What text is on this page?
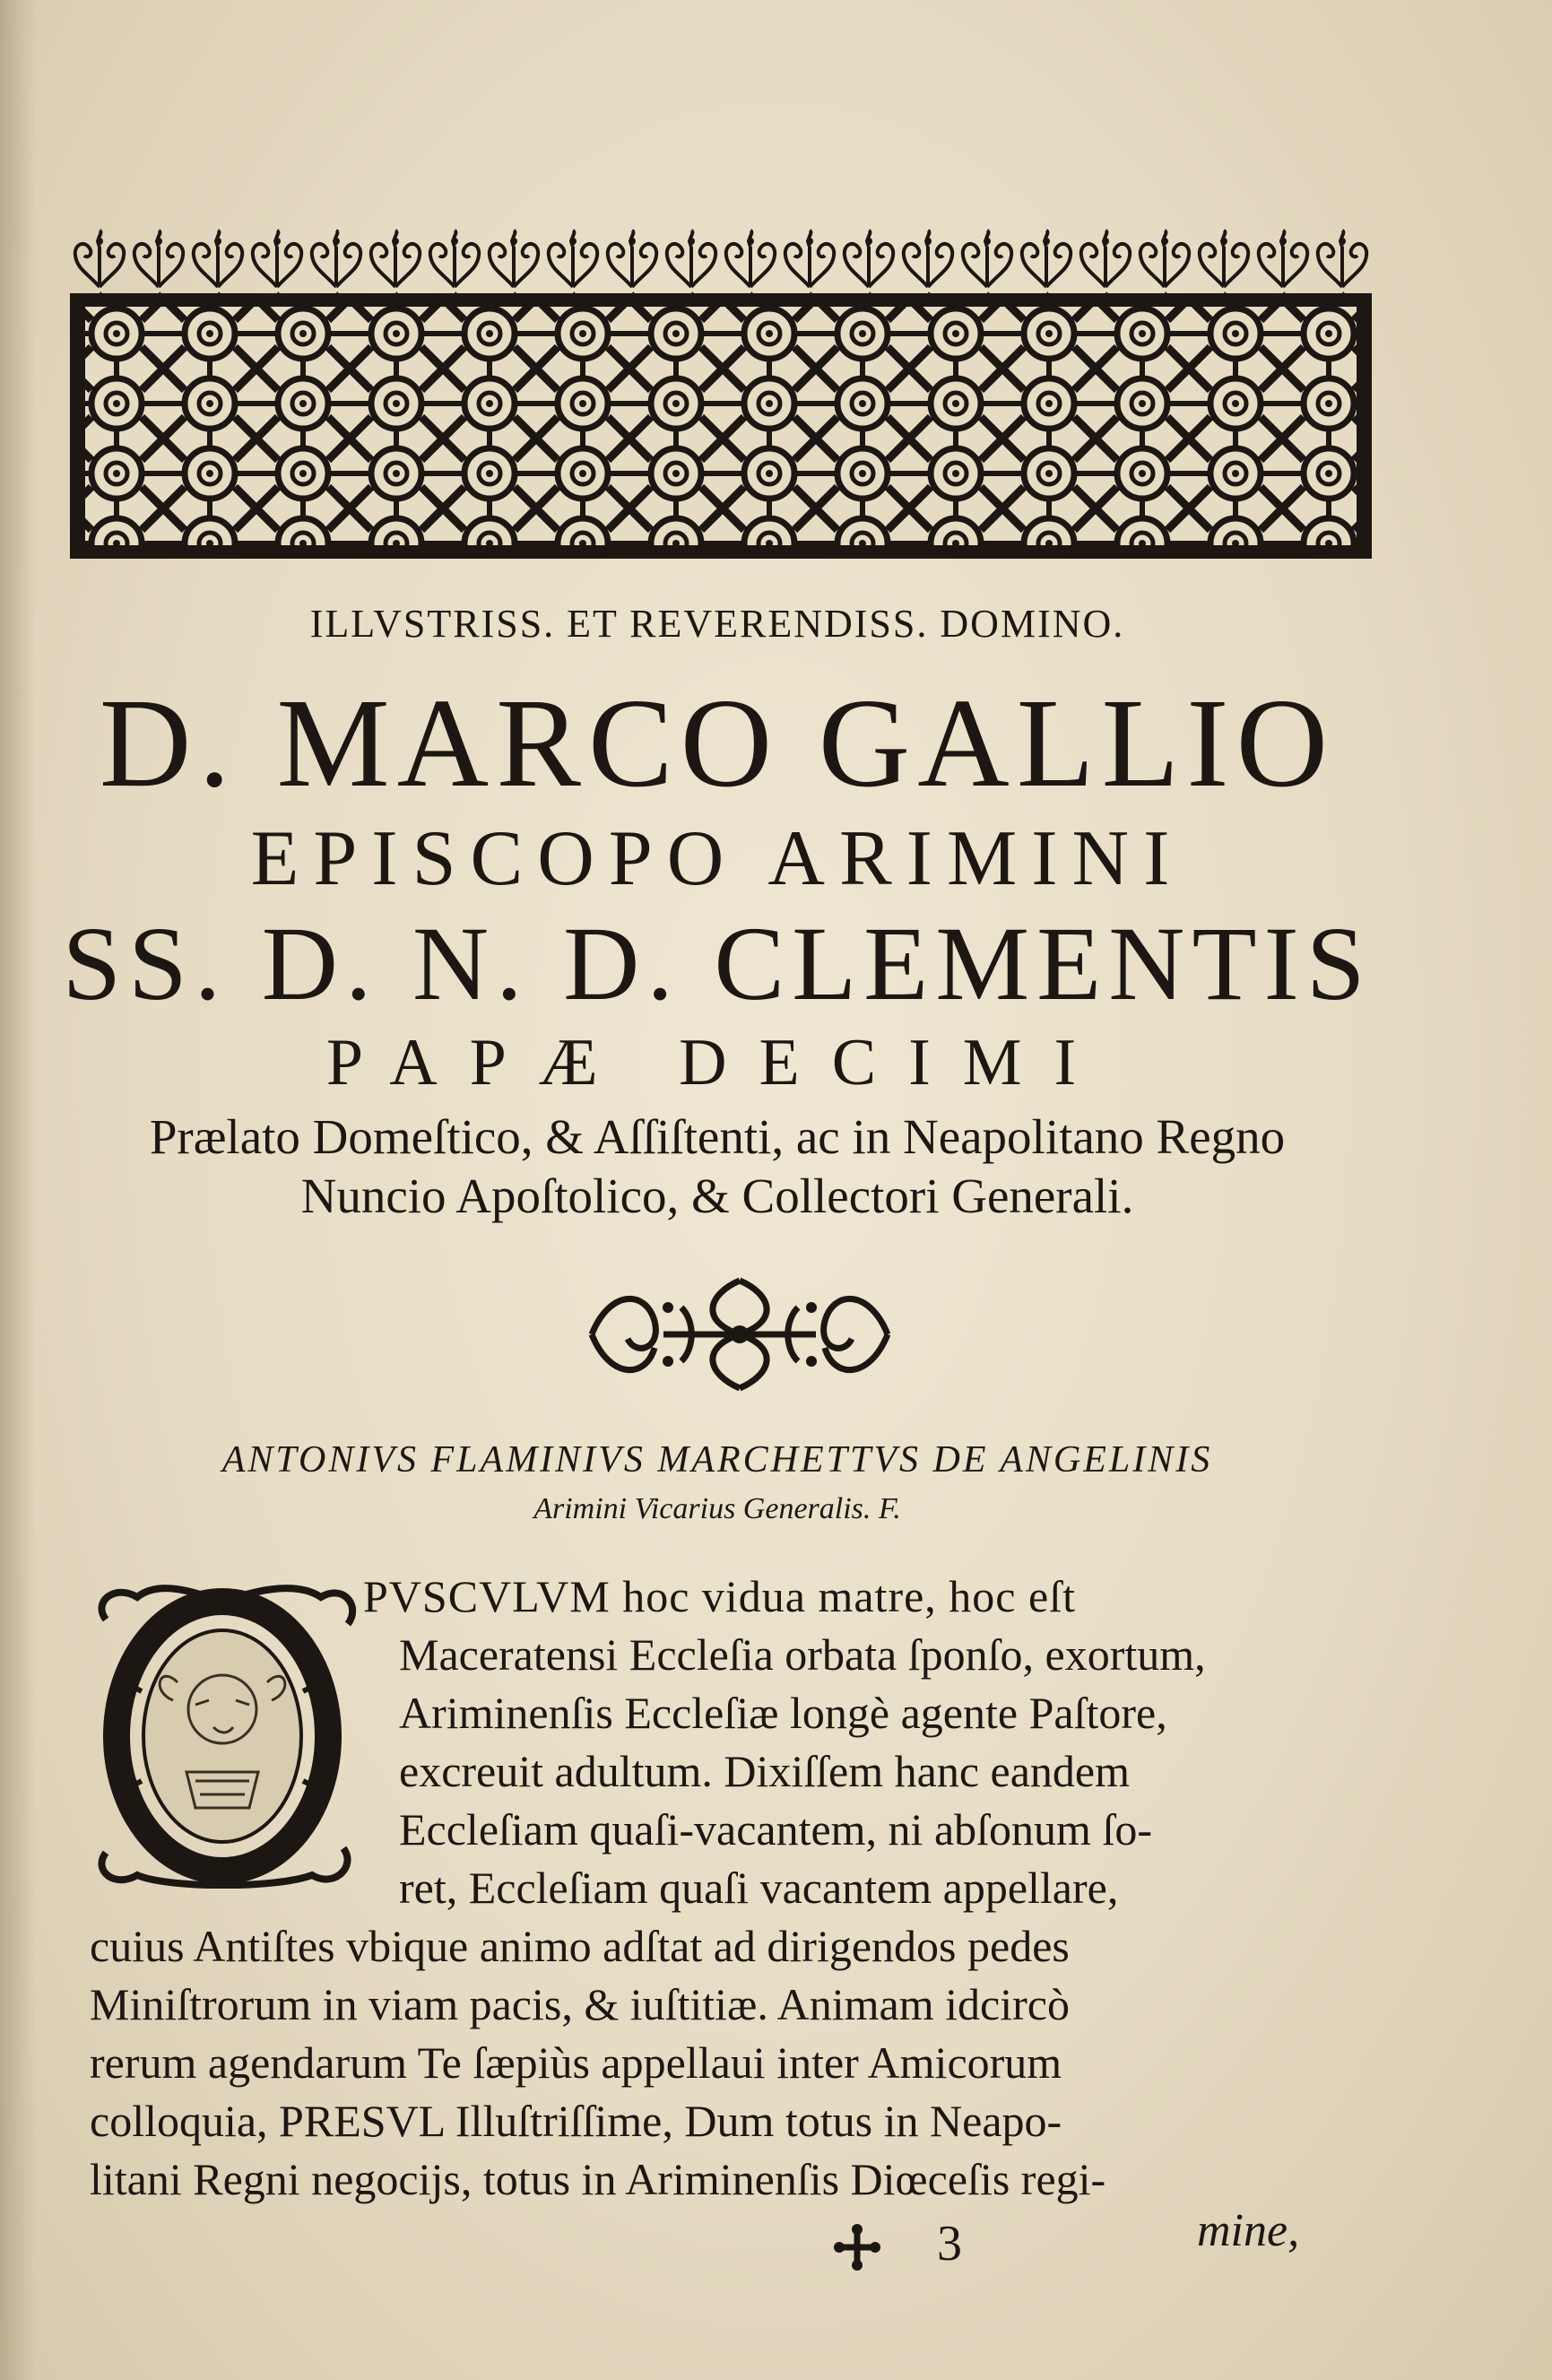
ILLVSTRISS. ET REVERENDISS. DOMINO.
D. MARCO GALLIO
EPISCOPO ARIMINI
SS. D. N. D. CLEMENTIS
PAPÆ DECIMI
Prælato Domeſtico, & Aſſiſtenti, ac in Neapolitano Regno
Nuncio Apoſtolico, & Collectori Generali.
ANTONIVS FLAMINIVS MARCHETTVS DE ANGELINIS
Arimini Vicarius Generalis. F.
PVSCVLVM hoc vidua matre, hoc eſt
Maceratensi Eccleſia orbata ſponſo, exortum,
Ariminenſis Eccleſiæ longè agente Paſtore,
excreuit adultum. Dixiſſem hanc eandem
Eccleſiam quaſi-vacantem, ni abſonum ſo-
ret, Eccleſiam quaſi vacantem appellare,
cuius Antiſtes vbique animo adſtat ad dirigendos pedes
Miniſtrorum in viam pacis, & iuſtitiæ. Animam idcircò
rerum agendarum Te ſæpiùs appellaui inter Amicorum
colloquia, PRESVL Illuſtriſſime, Dum totus in Neapo-
litani Regni negocijs, totus in Ariminenſis Diœceſis regi-
3	mine,
